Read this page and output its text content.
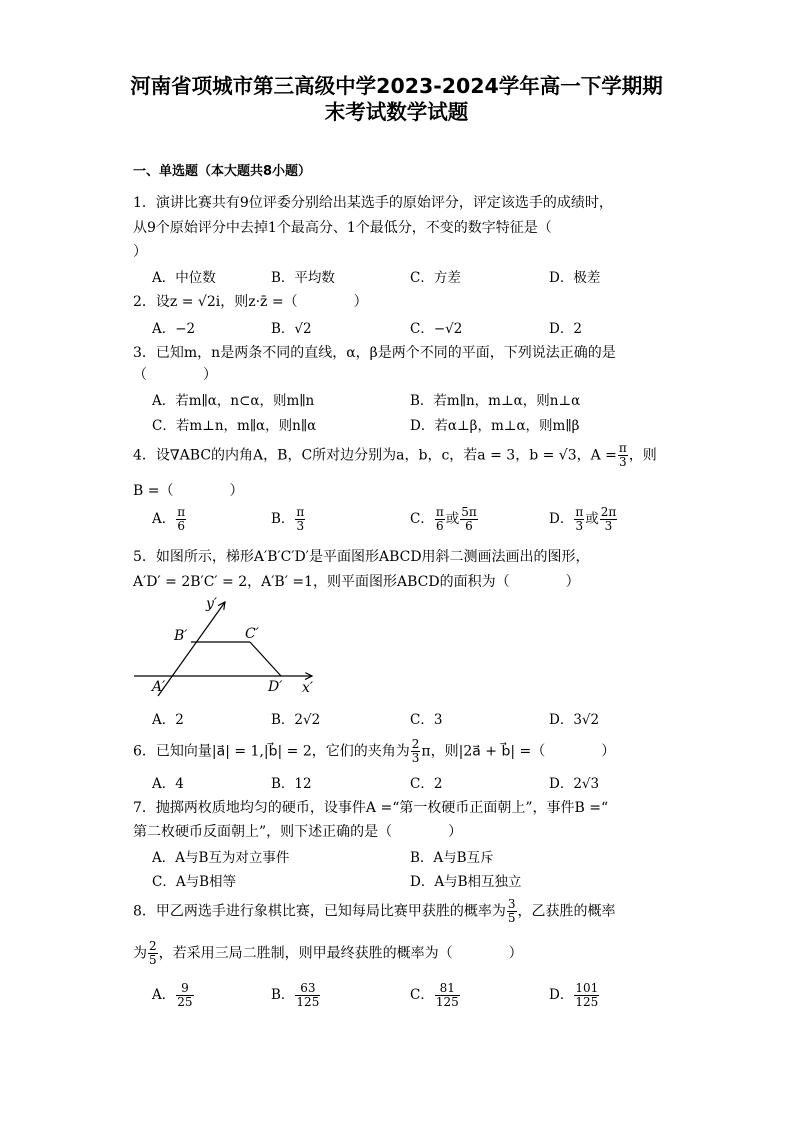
河南省项城市第三高级中学2023-2024学年高一下学期期
末考试数学试题
一、单选题（本大题共8小题）
1．演讲比赛共有9位评委分别给出某选手的原始评分，评定该选手的成绩时，
从9个原始评分中去掉1个最高分、1个最低分，不变的数字特征是（
）
A．中位数	B．平均数	C．方差	D．极差
2．设z = √2i，则z·z̄ =（　　　　）
A．−2	B．√2	C．−√2	D．2
3．已知m，n是两条不同的直线，α，β是两个不同的平面，下列说法正确的是
（　　　　）
A．若m∥α，n⊂α，则m∥n	B．若m∥n，m⊥α，则n⊥α
C．若m⊥n，m∥α，则n∥α	D．若α⊥β，m⊥α，则m∥β
4．设∇ABC的内角A，B，C所对边分别为a，b，c，若a = 3，b = √3，$A = \frac{\pi}{3}$ ，则
B =（　　　　）
A． $\frac{\pi}{6}$	B． $\frac{\pi}{3}$	C． $\frac{\pi}{6}$ 或 $\frac{5\pi}{6}$	D． $\frac{\pi}{3}$ 或 $\frac{2\pi}{3}$
5．如图所示，梯形A′B′C′D′是平面图形ABCD用斜二测画法画出的图形，
A′D′ = 2B′C′ = 2，A′B′ =1，则平面图形ABCD的面积为（　　　　）
y′
x′
A′
B′	C′
D′
A．2	B．2√2	C．3	D．3√2
6．已知向量|a⃗| = 1,|b⃗| = 2，它们的夹角为 $\frac{2}{3}$ π，则|2a⃗ + b⃗| =（　　　　）
A．4	B．12	C．2	D．2√3
7．抛掷两枚质地均匀的硬币，设事件A =“第一枚硬币正面朝上”，事件B =“
第二枚硬币反面朝上”，则下述正确的是（　　　　）
A．A与B互为对立事件	B．A与B互斥
C．A与B相等	D．A与B相互独立
8．甲乙两选手进行象棋比赛，已知每局比赛甲获胜的概率为 $\frac{3}{5}$ ，乙获胜的概率
为 $\frac{2}{5}$ ，若采用三局二胜制，则甲最终获胜的概率为（　　　　）
A． $\frac{9}{25}$	B． $\frac{63}{125}$	C． $\frac{81}{125}$	D． $\frac{101}{125}$
